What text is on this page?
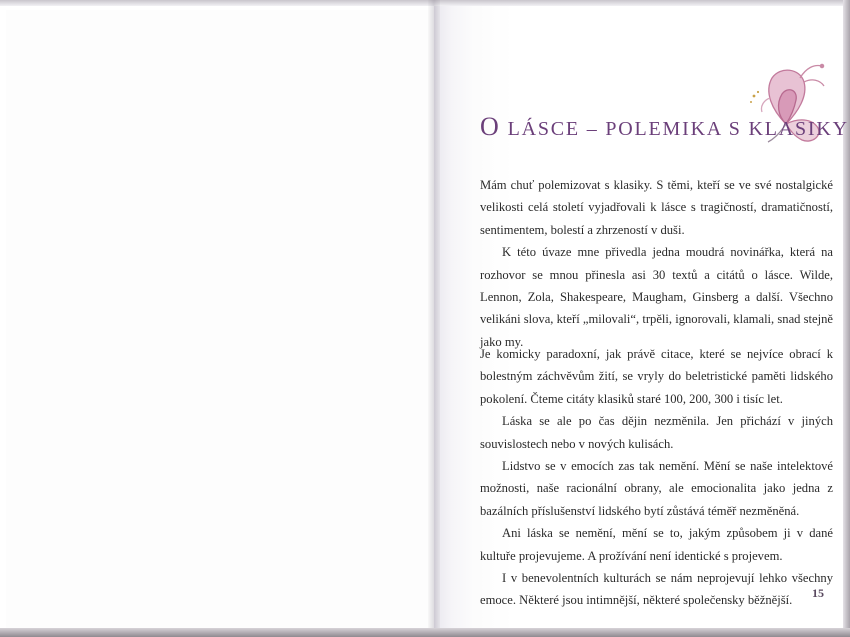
O LÁSCE – POLEMIKA S KLASIKY

Mám chuť polemizovat s klasiky. S těmi, kteří se ve své nostalgické velikosti celá století vyjadřovali k lásce s tragičností, dramatičností, sentimentem, bolestí a zhrzeností v duši.

K této úvaze mne přivedla jedna moudrá novinářka, která na rozhovor se mnou přinesla asi 30 textů a citátů o lásce. Wilde, Lennon, Zola, Shakespeare, Maugham, Ginsberg a další. Všechno velikáni slova, kteří „milovali“, trpěli, ignorovali, klamali, snad stejně jako my.

Je komicky paradoxní, jak právě citace, které se nejvíce obrací k bolestným záchvěvům žití, se vryly do beletristické paměti lidského pokolení. Čteme citáty klasiků staré 100, 200, 300 i tisíc let.

Láska se ale po čas dějin nezměnila. Jen přichází v jiných souvislostech nebo v nových kulisách.

Lidstvo se v emocích zas tak nemění. Mění se naše intelektové možnosti, naše racionální obrany, ale emocionalita jako jedna z bazálních příslušenství lidského bytí zůstává téměř nezměněná.

Ani láska se nemění, mění se to, jakým způsobem ji v dané kultuře projevujeme. A prožívání není identické s projevem.

I v benevolentních kulturách se nám neprojevují lehko všechny emoce. Některé jsou intimnější, některé společensky běžnější.

15
